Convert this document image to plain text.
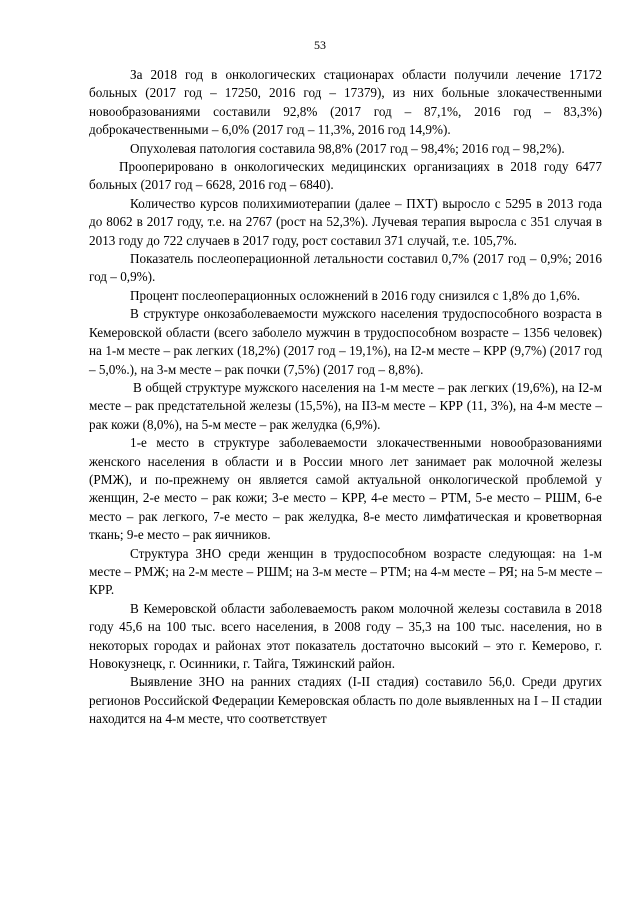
53

За 2018 год в онкологических стационарах области получили лечение 17172 больных (2017 год – 17250, 2016 год – 17379), из них больные злокачественными новообразованиями составили 92,8% (2017 год – 87,1%, 2016 год – 83,3%) доброкачественными – 6,0% (2017 год – 11,3%, 2016 год 14,9%).

Опухолевая патология составила 98,8% (2017 год – 98,4%; 2016 год – 98,2%).

Прооперировано в онкологических медицинских организациях в 2018 году 6477 больных (2017 год – 6628, 2016 год – 6840).

Количество курсов полихимиотерапии (далее – ПХТ) выросло с 5295 в 2013 года до 8062 в 2017 году, т.е. на 2767 (рост на 52,3%). Лучевая терапия выросла с 351 случая в 2013 году до 722 случаев в 2017 году, рост составил 371 случай, т.е. 105,7%.

Показатель послеоперационной летальности составил 0,7% (2017 год – 0,9%; 2016 год – 0,9%).

Процент послеоперационных осложнений в 2016 году снизился с 1,8% до 1,6%.

В структуре онкозаболеваемости мужского населения трудоспособного возраста в Кемеровской области (всего заболело мужчин в трудоспособном возрасте – 1356 человек) на 1-м месте – рак легких (18,2%) (2017 год – 19,1%), на I2-м месте – КРР (9,7%) (2017 год – 5,0%.), на 3-м месте – рак почки (7,5%) (2017 год – 8,8%).

В общей структуре мужского населения на 1-м месте – рак легких (19,6%), на I2-м месте – рак предстательной железы (15,5%), на II3-м месте – КРР (11, 3%), на 4-м месте – рак кожи (8,0%), на 5-м месте – рак желудка (6,9%).

1-е место в структуре заболеваемости злокачественными новообразованиями женского населения в области и в России много лет занимает рак молочной железы (РМЖ), и по-прежнему он является самой актуальной онкологической проблемой у женщин, 2-е место – рак кожи; 3-е место – КРР, 4-е место – РТМ, 5-е место – РШМ, 6-е место – рак легкого, 7-е место – рак желудка, 8-е место лимфатическая и кроветворная ткань; 9-е место – рак яичников.

Структура ЗНО среди женщин в трудоспособном возрасте следующая: на 1-м месте – РМЖ; на 2-м месте – РШМ; на 3-м месте – РТМ; на 4-м месте – РЯ; на 5-м месте – КРР.

В Кемеровской области заболеваемость раком молочной железы составила в 2018 году 45,6 на 100 тыс. всего населения, в 2008 году – 35,3 на 100 тыс. населения, но в некоторых городах и районах этот показатель достаточно высокий – это г. Кемерово, г. Новокузнецк, г. Осинники, г. Тайга, Тяжинский район.

Выявление ЗНО на ранних стадиях (I-II стадия) составило 56,0. Среди других регионов Российской Федерации Кемеровская область по доле выявленных на I – II стадии находится на 4-м месте, что соответствует
